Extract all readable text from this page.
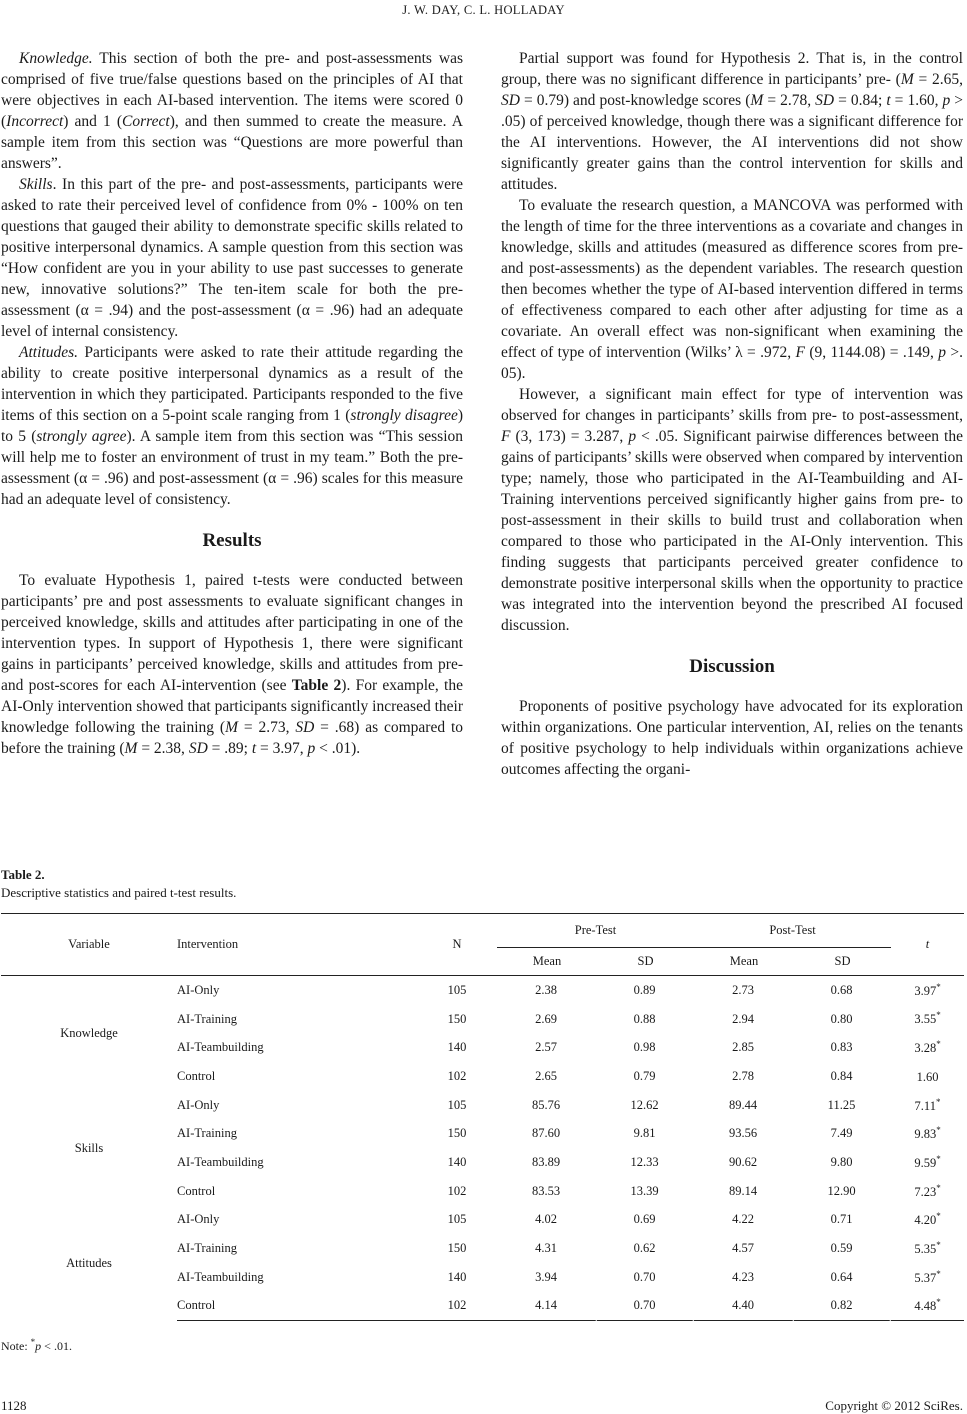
J. W. DAY, C. L. HOLLADAY

Knowledge. This section of both the pre- and post-assessments was comprised of five true/false questions based on the principles of AI that were objectives in each AI-based intervention. The items were scored 0 (Incorrect) and 1 (Correct), and then summed to create the measure. A sample item from this section was “Questions are more powerful than answers”.

Skills. In this part of the pre- and post-assessments, participants were asked to rate their perceived level of confidence from 0% - 100% on ten questions that gauged their ability to demonstrate specific skills related to positive interpersonal dynamics. A sample question from this section was “How confident are you in your ability to use past successes to generate new, innovative solutions?” The ten-item scale for both the pre-assessment (α = .94) and the post-assessment (α = .96) had an adequate level of internal consistency.

Attitudes. Participants were asked to rate their attitude regarding the ability to create positive interpersonal dynamics as a result of the intervention in which they participated. Participants responded to the five items of this section on a 5-point scale ranging from 1 (strongly disagree) to 5 (strongly agree). A sample item from this section was “This session will help me to foster an environment of trust in my team.” Both the pre-assessment (α = .96) and post-assessment (α = .96) scales for this measure had an adequate level of consistency.

Results

To evaluate Hypothesis 1, paired t-tests were conducted between participants’ pre and post assessments to evaluate significant changes in perceived knowledge, skills and attitudes after participating in one of the intervention types. In support of Hypothesis 1, there were significant gains in participants’ perceived knowledge, skills and attitudes from pre- and post-scores for each AI-intervention (see Table 2). For example, the AI-Only intervention showed that participants significantly increased their knowledge following the training (M = 2.73, SD = .68) as compared to before the training (M = 2.38, SD = .89; t = 3.97, p < .01).

Partial support was found for Hypothesis 2. That is, in the control group, there was no significant difference in participants’ pre- (M = 2.65, SD = 0.79) and post-knowledge scores (M = 2.78, SD = 0.84; t = 1.60, p > .05) of perceived knowledge, though there was a significant difference for the AI interventions. However, the AI interventions did not show significantly greater gains than the control intervention for skills and attitudes.

To evaluate the research question, a MANCOVA was performed with the length of time for the three interventions as a covariate and changes in knowledge, skills and attitudes (measured as difference scores from pre- and post-assessments) as the dependent variables. The research question then becomes whether the type of AI-based intervention differed in terms of effectiveness compared to each other after adjusting for time as a covariate. An overall effect was non-significant when examining the effect of type of intervention (Wilks’ λ = .972, F (9, 1144.08) = .149, p >. 05).

However, a significant main effect for type of intervention was observed for changes in participants’ skills from pre- to post-assessment, F (3, 173) = 3.287, p < .05. Significant pairwise differences between the gains of participants’ skills were observed when compared by intervention type; namely, those who participated in the AI-Teambuilding and AI-Training interventions perceived significantly higher gains from pre- to post-assessment in their skills to build trust and collaboration when compared to those who participated in the AI-Only intervention. This finding suggests that participants perceived greater confidence to demonstrate positive interpersonal skills when the opportunity to practice was integrated into the intervention beyond the prescribed AI focused discussion.

Discussion

Proponents of positive psychology have advocated for its exploration within organizations. One particular intervention, AI, relies on the tenants of positive psychology to help individuals within organizations achieve outcomes affecting the organi-

Table 2.
Descriptive statistics and paired t-test results.
Variable	Intervention	N	Pre-Test		Post-Test		t
			Mean	SD	Mean	SD	
Knowledge	AI-Only	105	2.38	0.89	2.73	0.68	3.97*
	AI-Training	150	2.69	0.88	2.94	0.80	3.55*
	AI-Teambuilding	140	2.57	0.98	2.85	0.83	3.28*
	Control	102	2.65	0.79	2.78	0.84	1.60
Skills	AI-Only	105	85.76	12.62	89.44	11.25	7.11*
	AI-Training	150	87.60	9.81	93.56	7.49	9.83*
	AI-Teambuilding	140	83.89	12.33	90.62	9.80	9.59*
	Control	102	83.53	13.39	89.14	12.90	7.23*
Attitudes	AI-Only	105	4.02	0.69	4.22	0.71	4.20*
	AI-Training	150	4.31	0.62	4.57	0.59	5.35*
	AI-Teambuilding	140	3.94	0.70	4.23	0.64	5.37*
	Control	102	4.14	0.70	4.40	0.82	4.48*
Note: *p < .01.
1128	Copyright © 2012 SciRes.
